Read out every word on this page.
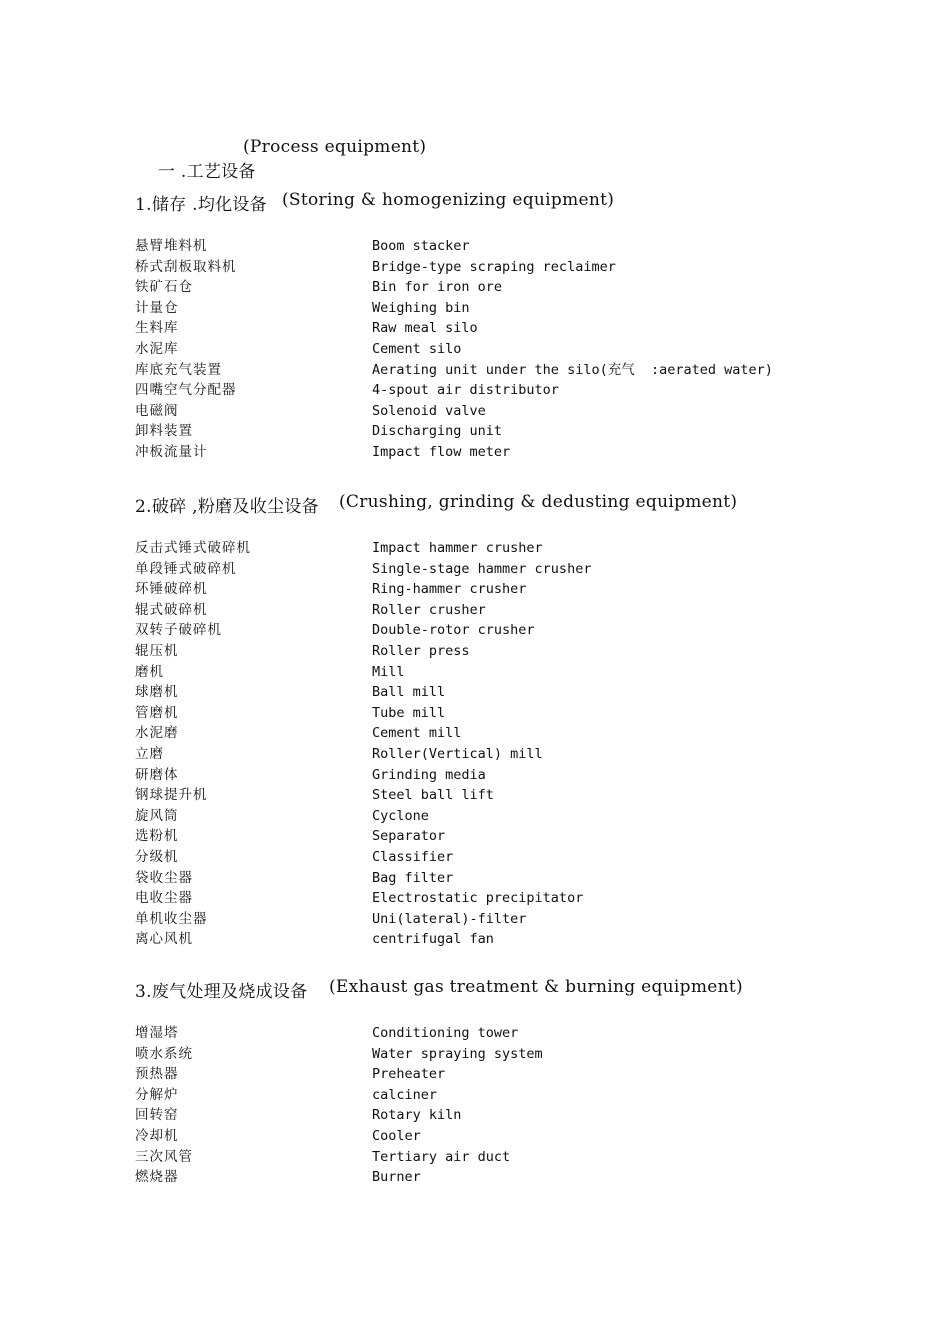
一 .工艺设备

(Process equipment)

1.储存 .均化设备

(Storing & homogenizing equipment)

悬臂堆料机	Boom stacker
桥式刮板取料机	Bridge-type scraping reclaimer
铁矿石仓	Bin for iron ore
计量仓	Weighing bin
生料库	Raw meal silo
水泥库	Cement silo
库底充气装置	Aerating unit under the silo(充气  :aerated water)
四嘴空气分配器	4-spout air distributor
电磁阀	Solenoid valve
卸料装置	Discharging unit
冲板流量计	Impact flow meter

2.破碎 ,粉磨及收尘设备

(Crushing, grinding & dedusting equipment)

反击式锤式破碎机	Impact hammer crusher
单段锤式破碎机	Single-stage hammer crusher
环锤破碎机	Ring-hammer crusher
辊式破碎机	Roller crusher
双转子破碎机	Double-rotor crusher
辊压机	Roller press
磨机	Mill
球磨机	Ball mill
管磨机	Tube mill
水泥磨	Cement mill
立磨	Roller(Vertical) mill
研磨体	Grinding media
钢球提升机	Steel ball lift
旋风筒	Cyclone
选粉机	Separator
分级机	Classifier
袋收尘器	Bag filter
电收尘器	Electrostatic precipitator
单机收尘器	Uni(lateral)-filter
离心风机	centrifugal fan

3.废气处理及烧成设备

(Exhaust gas treatment & burning equipment)

增湿塔	Conditioning tower
喷水系统	Water spraying system
预热器	Preheater
分解炉	calciner
回转窑	Rotary kiln
冷却机	Cooler
三次风管	Tertiary air duct
燃烧器	Burner
